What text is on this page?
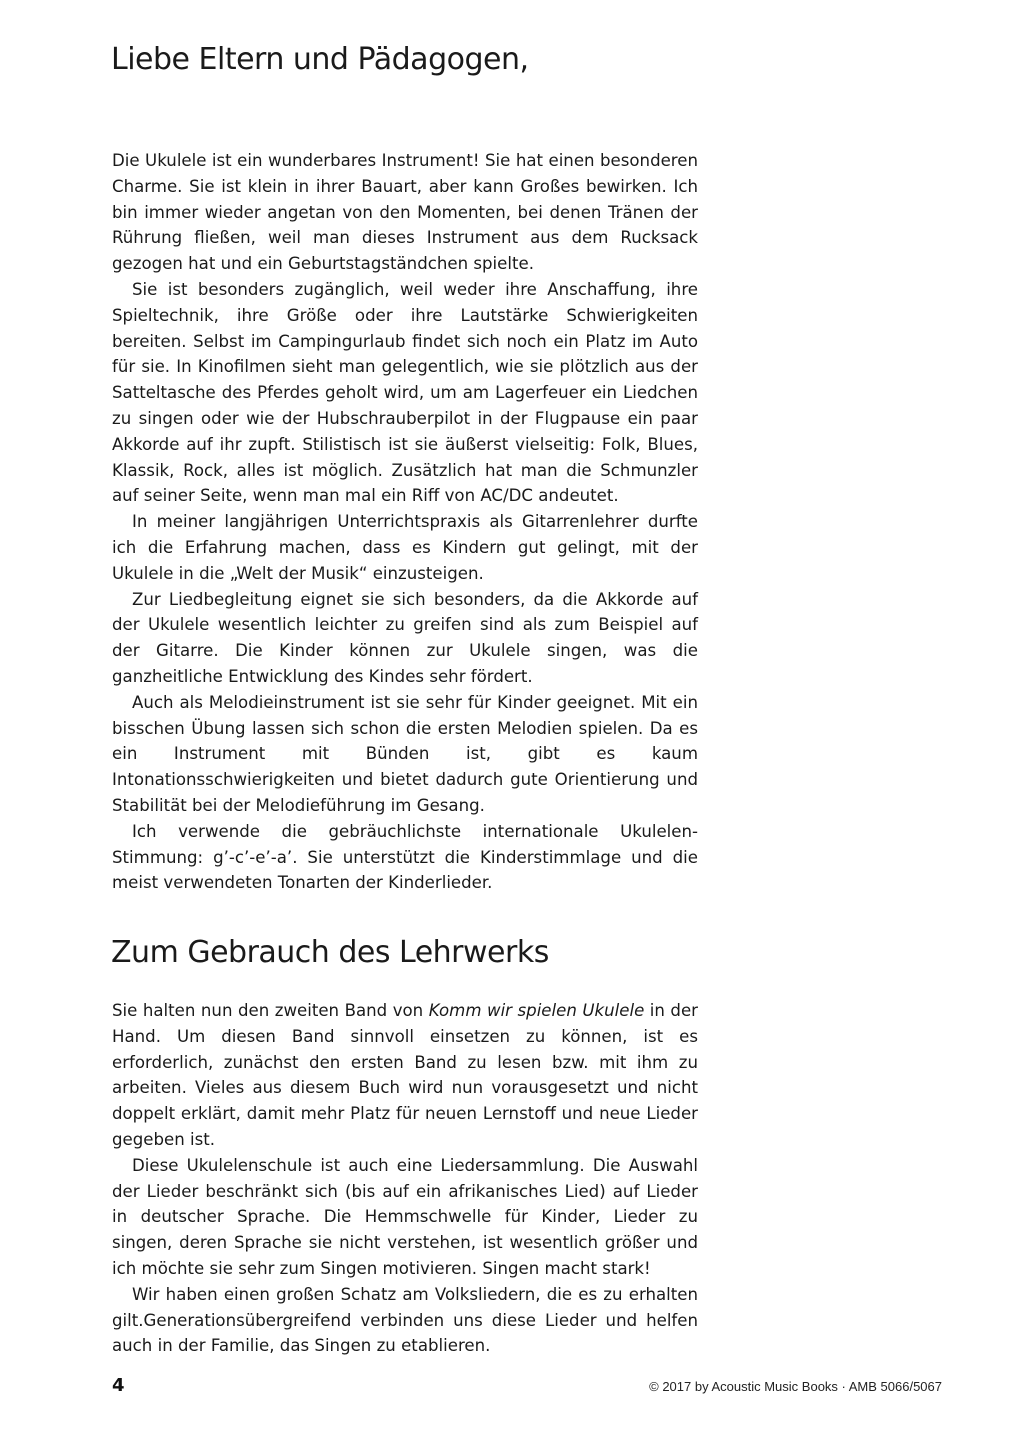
Liebe Eltern und Pädagogen,

Die Ukulele ist ein wunderbares Instrument! Sie hat einen besonderen Charme. Sie ist klein in ihrer Bauart, aber kann Großes bewirken. Ich bin immer wieder angetan von den Momenten, bei denen Tränen der Rührung fließen, weil man dieses Instrument aus dem Rucksack gezogen hat und ein Geburtstagständchen spielte.

Sie ist besonders zugänglich, weil weder ihre Anschaffung, ihre Spieltechnik, ihre Größe oder ihre Lautstärke Schwierigkeiten bereiten. Selbst im Campingurlaub findet sich noch ein Platz im Auto für sie. In Kinofilmen sieht man gelegentlich, wie sie plötzlich aus der Satteltasche des Pferdes geholt wird, um am Lagerfeuer ein Liedchen zu singen oder wie der Hubschrauberpilot in der Flugpause ein paar Akkorde auf ihr zupft. Stilistisch ist sie äußerst vielseitig: Folk, Blues, Klassik, Rock, alles ist möglich. Zusätzlich hat man die Schmunzler auf seiner Seite, wenn man mal ein Riff von AC/DC andeutet.

In meiner langjährigen Unterrichtspraxis als Gitarrenlehrer durfte ich die Erfahrung machen, dass es Kindern gut gelingt, mit der Ukulele in die „Welt der Musik“ einzusteigen.

Zur Liedbegleitung eignet sie sich besonders, da die Akkorde auf der Ukulele wesentlich leichter zu greifen sind als zum Beispiel auf der Gitarre. Die Kinder können zur Ukulele singen, was die ganzheitliche Entwicklung des Kindes sehr fördert.

Auch als Melodieinstrument ist sie sehr für Kinder geeignet. Mit ein bisschen Übung lassen sich schon die ersten Melodien spielen. Da es ein Instrument mit Bünden ist, gibt es kaum Intonationsschwierigkeiten und bietet dadurch gute Orientierung und Stabilität bei der Melodieführung im Gesang.

Ich verwende die gebräuchlichste internationale Ukulelen-Stimmung: g’-c’-e’-a’. Sie unterstützt die Kinderstimmlage und die meist verwendeten Tonarten der Kinderlieder.

Zum Gebrauch des Lehrwerks

Sie halten nun den zweiten Band von Komm wir spielen Ukulele in der Hand. Um diesen Band sinnvoll einsetzen zu können, ist es erforderlich, zunächst den ersten Band zu lesen bzw. mit ihm zu arbeiten. Vieles aus diesem Buch wird nun vorausgesetzt und nicht doppelt erklärt, damit mehr Platz für neuen Lernstoff und neue Lieder gegeben ist.

Diese Ukulelenschule ist auch eine Liedersammlung. Die Auswahl der Lieder beschränkt sich (bis auf ein afrikanisches Lied) auf Lieder in deutscher Sprache. Die Hemmschwelle für Kinder, Lieder zu singen, deren Sprache sie nicht verstehen, ist wesentlich größer und ich möchte sie sehr zum Singen motivieren. Singen macht stark!

Wir haben einen großen Schatz am Volksliedern, die es zu erhalten gilt.Generationsübergreifend verbinden uns diese Lieder und helfen auch in der Familie, das Singen zu etablieren.

4	© 2017 by Acoustic Music Books · AMB 5066/5067
